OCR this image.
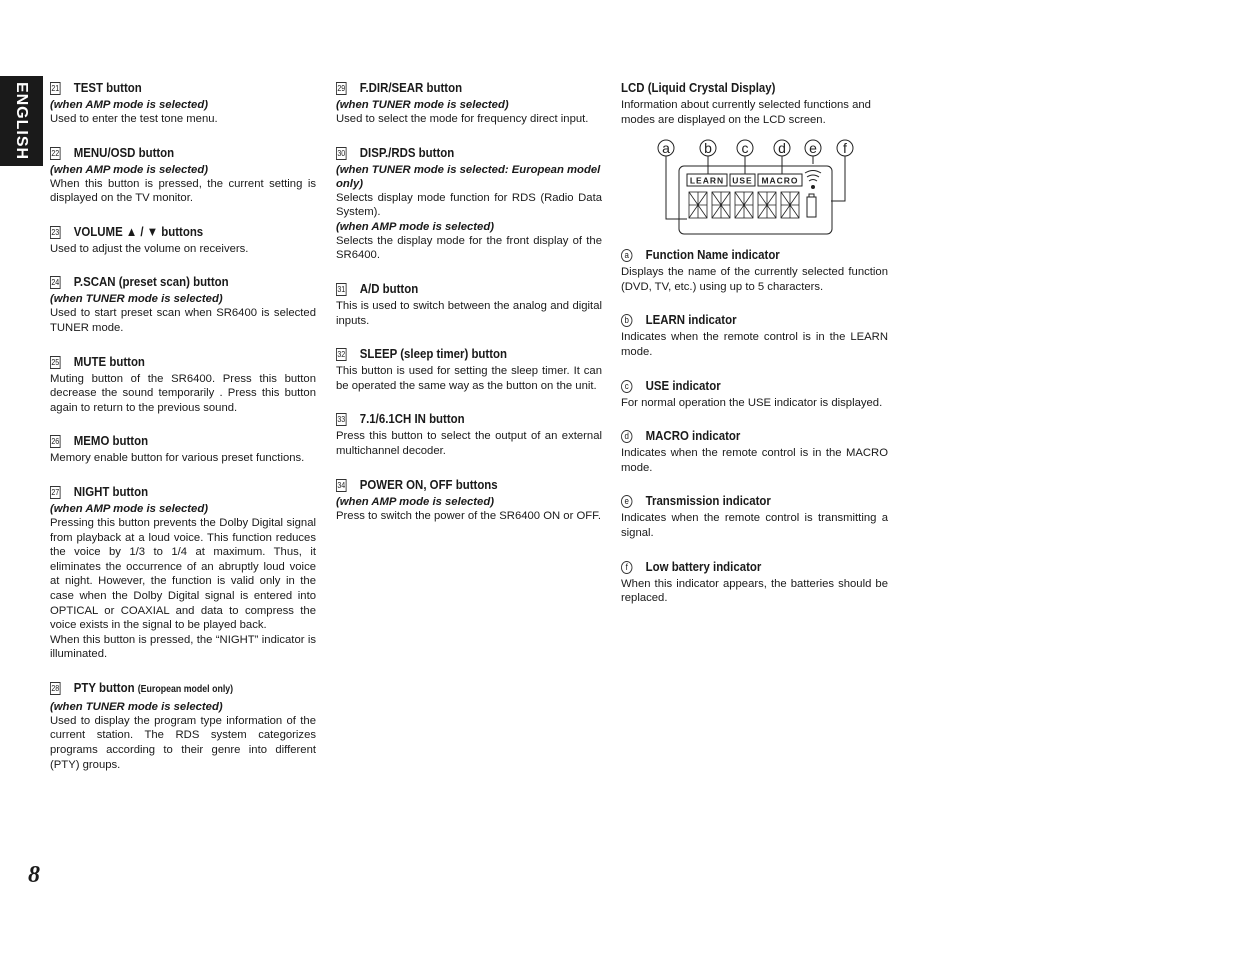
ENGLISH	21 TEST button
(when AMP mode is selected)
Used to enter the test tone menu.
22 MENU/OSD button
(when AMP mode is selected)
When this button is pressed, the current setting is displayed on the TV monitor.
23 VOLUME ▲ / ▼ buttons
Used to adjust the volume on receivers.
24 P.SCAN (preset scan) button
(when TUNER mode is selected)
Used to start preset scan when SR6400 is selected TUNER mode.
25 MUTE button
Muting button of the SR6400. Press this button decrease the sound temporarily . Press this button again to return to the previous sound.
26 MEMO button
Memory enable button for various preset functions.
27 NIGHT button
(when AMP mode is selected)
Pressing this button prevents the Dolby Digital signal from playback at a loud voice. This function reduces the voice by 1/3 to 1/4 at maximum. Thus, it eliminates the occurrence of an abruptly loud voice at night. However, the function is valid only in the case when the Dolby Digital signal is entered into OPTICAL or COAXIAL and data to compress the voice exists in the signal to be played back.
When this button is pressed, the “NIGHT” indicator is illuminated.
28 PTY button (European model only)
(when TUNER mode is selected)
Used to display the program type information of the current station. The RDS system categorizes programs according to their genre into different (PTY) groups.
29 F.DIR/SEAR button
(when TUNER mode is selected)
Used to select the mode for frequency direct input.
30 DISP./RDS button
(when TUNER mode is selected: European model only)
Selects display mode function for RDS (Radio Data System).
(when AMP mode is selected)
Selects the display mode for the front display of the SR6400.
31 A/D button
This is used to switch between the analog and digital inputs.
32 SLEEP (sleep timer) button
This button is used for setting the sleep timer. It can be operated the same way as the button on the unit.
33 7.1/6.1CH IN button
Press this button to select the output of an external multichannel decoder.
34 POWER ON, OFF buttons
(when AMP mode is selected)
Press to switch the power of the SR6400 ON or OFF.
LCD (Liquid Crystal Display)
Information about currently selected functions and modes are displayed on the LCD screen.
a b c d e f
LEARN USE MACRO
a Function Name indicator
Displays the name of the currently selected function (DVD, TV, etc.) using up to 5 characters.
b LEARN indicator
Indicates when the remote control is in the LEARN mode.
c USE indicator
For normal operation the USE indicator is displayed.
d MACRO indicator
Indicates when the remote control is in the MACRO mode.
e Transmission indicator
Indicates when the remote control is transmitting a signal.
f Low battery indicator
When this indicator appears, the batteries should be replaced.
8
